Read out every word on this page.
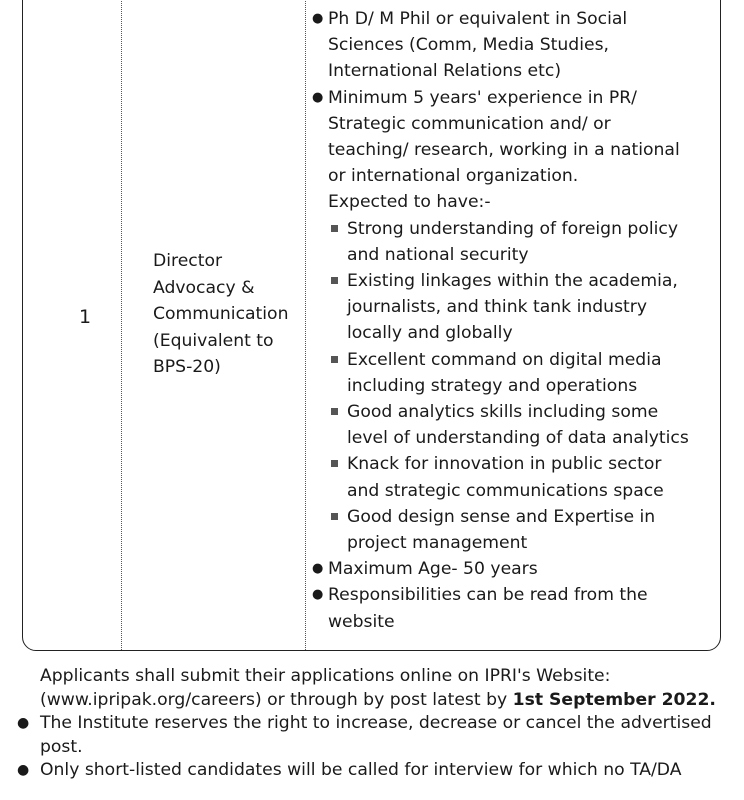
1
Director
Advocacy &
Communication
(Equivalent to
BPS-20)
● Ph D/ M Phil or equivalent in Social
Sciences (Comm, Media Studies,
International Relations etc)
● Minimum 5 years' experience in PR/
Strategic communication and/ or
teaching/ research, working in a national
or international organization.
Expected to have:-
Strong understanding of foreign policy
and national security
Existing linkages within the academia,
journalists, and think tank industry
locally and globally
Excellent command on digital media
including strategy and operations
Good analytics skills including some
level of understanding of data analytics
Knack for innovation in public sector
and strategic communications space
Good design sense and Expertise in
project management
● Maximum Age- 50 years
● Responsibilities can be read from the
website
Applicants shall submit their applications online on IPRI's Website:
(www.ipripak.org/careers) or through by post latest by 1st September 2022.
● The Institute reserves the right to increase, decrease or cancel the advertised
post.
● Only short-listed candidates will be called for interview for which no TA/DA
